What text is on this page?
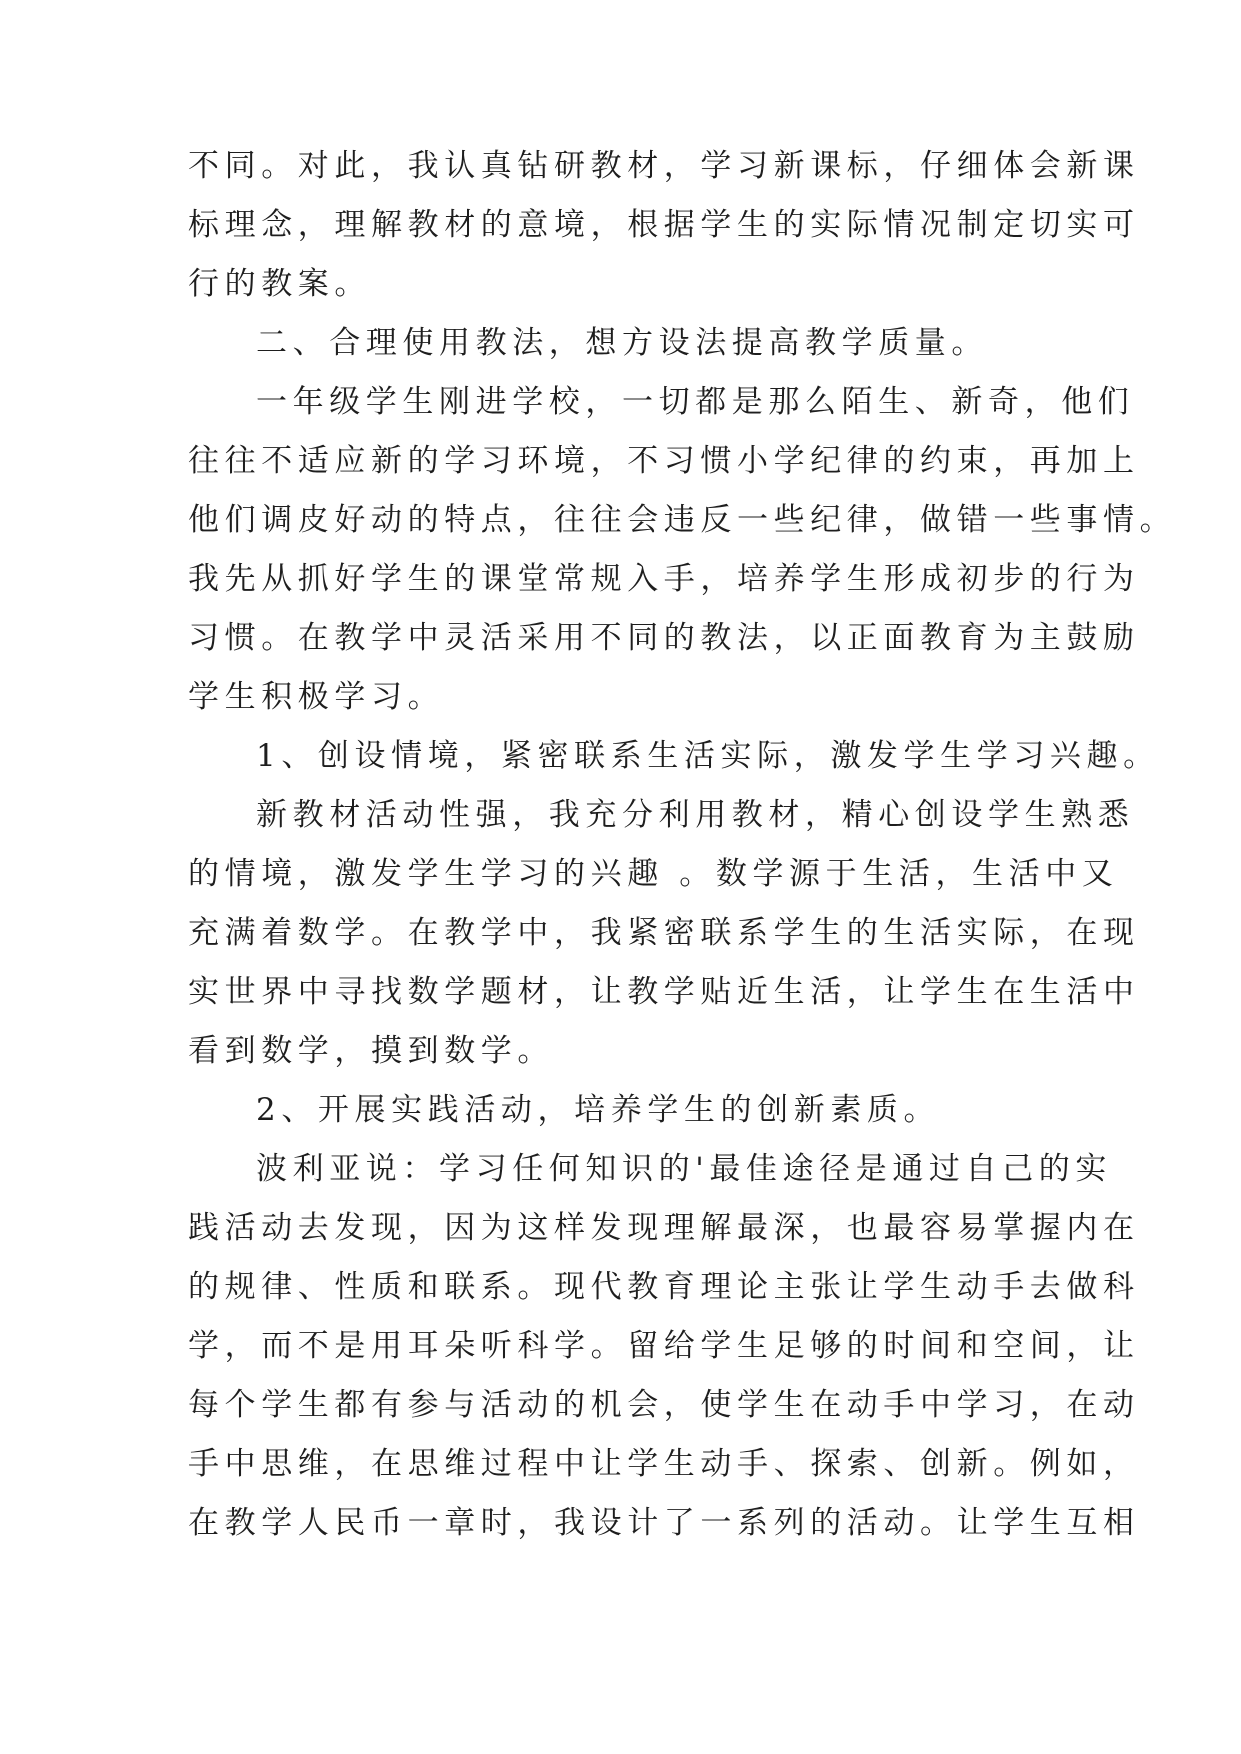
不同。对此，我认真钻研教材，学习新课标，仔细体会新课
标理念，理解教材的意境，根据学生的实际情况制定切实可
行的教案。
二、合理使用教法，想方设法提高教学质量。
一年级学生刚进学校，一切都是那么陌生、新奇，他们
往往不适应新的学习环境，不习惯小学纪律的约束，再加上
他们调皮好动的特点，往往会违反一些纪律，做错一些事情。
我先从抓好学生的课堂常规入手，培养学生形成初步的行为
习惯。在教学中灵活采用不同的教法，以正面教育为主鼓励
学生积极学习。
1、创设情境，紧密联系生活实际，激发学生学习兴趣。
新教材活动性强，我充分利用教材，精心创设学生熟悉
的情境，激发学生学习的兴趣 。数学源于生活，生活中又
充满着数学。在教学中，我紧密联系学生的生活实际，在现
实世界中寻找数学题材，让教学贴近生活，让学生在生活中
看到数学，摸到数学。
2、开展实践活动，培养学生的创新素质。
波利亚说：学习任何知识的'最佳途径是通过自己的实
践活动去发现，因为这样发现理解最深，也最容易掌握内在
的规律、性质和联系。现代教育理论主张让学生动手去做科
学，而不是用耳朵听科学。留给学生足够的时间和空间，让
每个学生都有参与活动的机会，使学生在动手中学习，在动
手中思维，在思维过程中让学生动手、探索、创新。例如，
在教学人民币一章时，我设计了一系列的活动。让学生互相
